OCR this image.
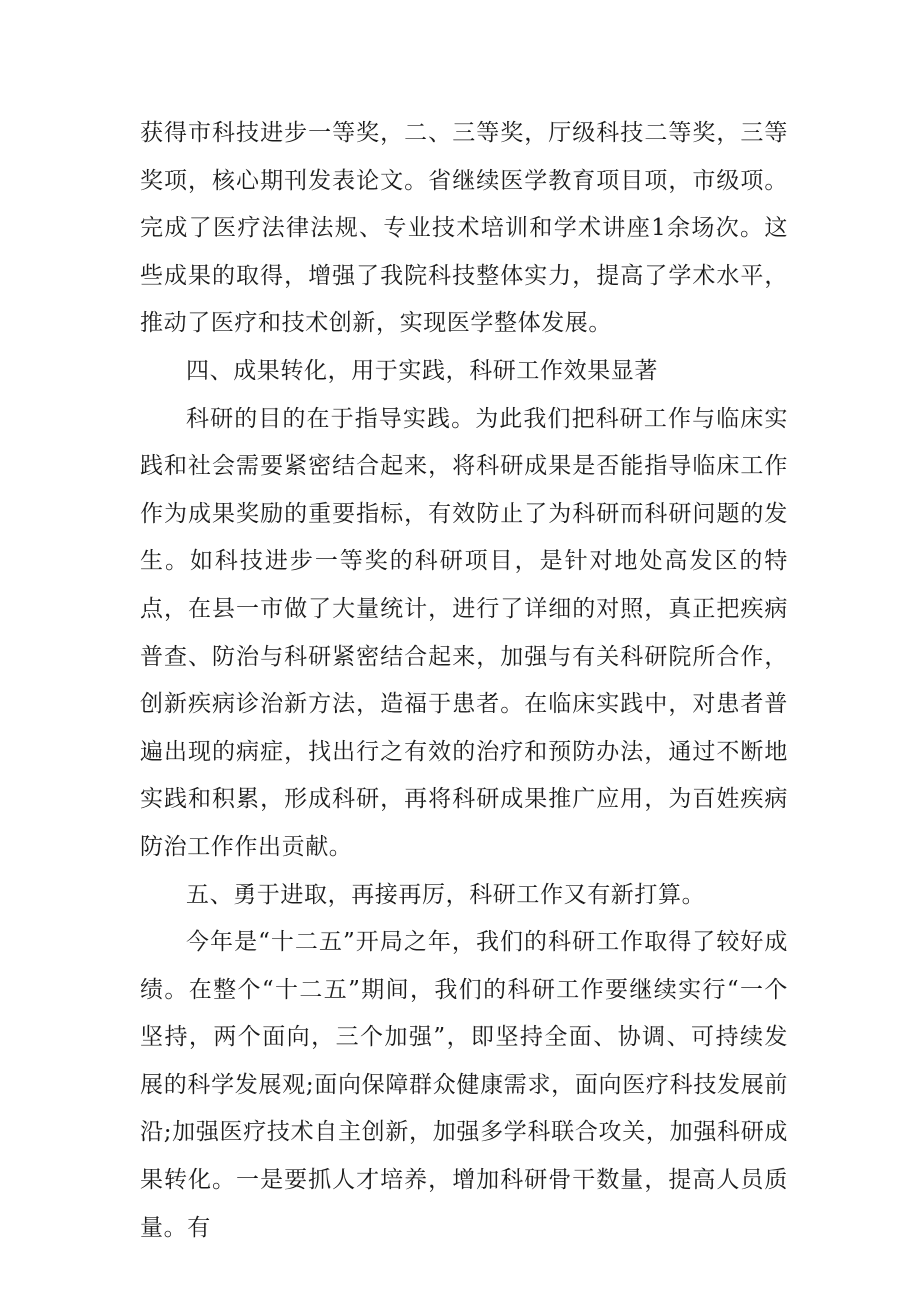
获得市科技进步一等奖，二、三等奖，厅级科技二等奖，三等奖项，核心期刊发表论文。省继续医学教育项目项，市级项。完成了医疗法律法规、专业技术培训和学术讲座1余场次。这些成果的取得，增强了我院科技整体实力，提高了学术水平，推动了医疗和技术创新，实现医学整体发展。

四、成果转化，用于实践，科研工作效果显著

科研的目的在于指导实践。为此我们把科研工作与临床实践和社会需要紧密结合起来，将科研成果是否能指导临床工作作为成果奖励的重要指标，有效防止了为科研而科研问题的发生。如科技进步一等奖的科研项目，是针对地处高发区的特点，在县一市做了大量统计，进行了详细的对照，真正把疾病普查、防治与科研紧密结合起来，加强与有关科研院所合作，创新疾病诊治新方法，造福于患者。在临床实践中，对患者普遍出现的病症，找出行之有效的治疗和预防办法，通过不断地实践和积累，形成科研，再将科研成果推广应用，为百姓疾病防治工作作出贡献。

五、勇于进取，再接再厉，科研工作又有新打算。

今年是“十二五”开局之年，我们的科研工作取得了较好成绩。在整个“十二五”期间，我们的科研工作要继续实行“一个坚持，两个面向，三个加强”，即坚持全面、协调、可持续发展的科学发展观;面向保障群众健康需求，面向医疗科技发展前沿;加强医疗技术自主创新，加强多学科联合攻关，加强科研成果转化。一是要抓人才培养，增加科研骨干数量，提高人员质量。有
